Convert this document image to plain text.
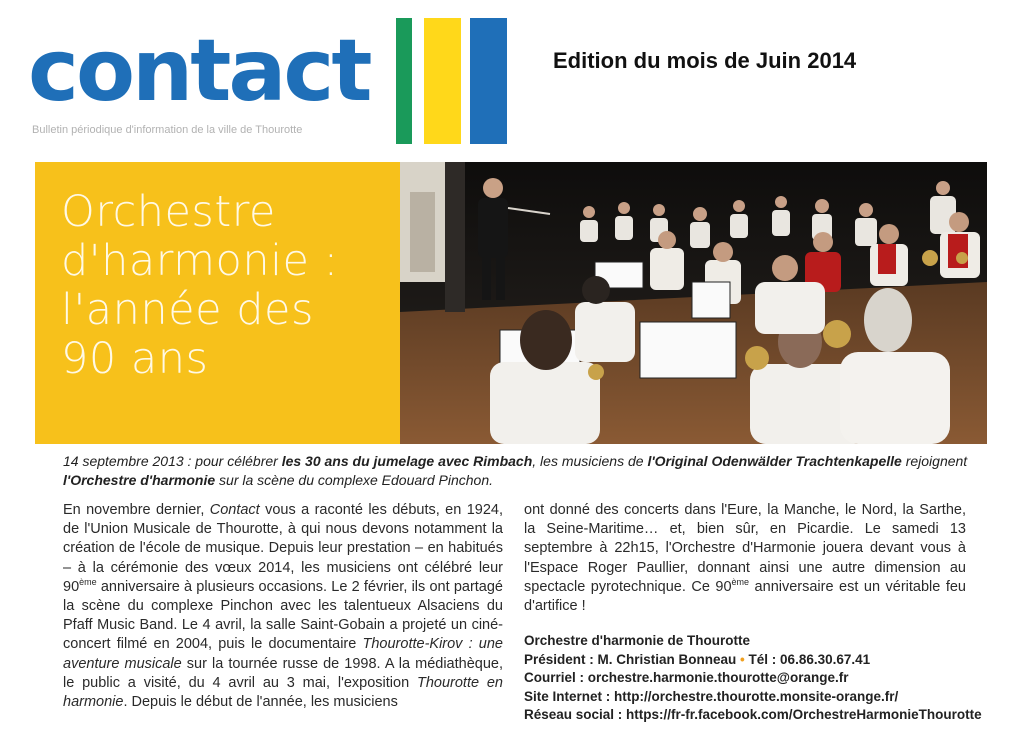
contact
Bulletin périodique d'information de la ville de Thourotte
Edition du mois de Juin 2014
Orchestre
d'harmonie :
l'année des
90 ans
14 septembre 2013 : pour célébrer les 30 ans du jumelage avec Rimbach, les musiciens de l'Original Odenwälder Trachtenkapelle rejoignent l'Orchestre d'harmonie sur la scène du complexe Edouard Pinchon.

En novembre dernier, Contact vous a raconté les débuts, en 1924, de l'Union Musicale de Thourotte, à qui nous devons notamment la création de l'école de musique. Depuis leur prestation – en habitués – à la cérémonie des vœux 2014, les musiciens ont célébré leur 90ème anniversaire à plusieurs occasions. Le 2 février, ils ont partagé la scène du complexe Pinchon avec les talentueux Alsaciens du Pfaff Music Band. Le 4 avril, la salle Saint-Gobain a projeté un ciné-concert filmé en 2004, puis le documentaire Thourotte-Kirov : une aventure musicale sur la tournée russe de 1998. A la médiathèque, le public a visité, du 4 avril au 3 mai, l'exposition Thourotte en harmonie. Depuis le début de l'année, les musiciens

ont donné des concerts dans l'Eure, la Manche, le Nord, la Sarthe, la Seine-Maritime… et, bien sûr, en Picardie. Le samedi 13 septembre à 22h15, l'Orchestre d'Harmonie jouera devant vous à l'Espace Roger Paullier, donnant ainsi une autre dimension au spectacle pyrotechnique. Ce 90ème anniversaire est un véritable feu d'artifice !

Orchestre d'harmonie de Thourotte
Président : M. Christian Bonneau • Tél : 06.86.30.67.41
Courriel : orchestre.harmonie.thourotte@orange.fr
Site Internet : http://orchestre.thourotte.monsite-orange.fr/
Réseau social : https://fr-fr.facebook.com/OrchestreHarmonieThourotte
